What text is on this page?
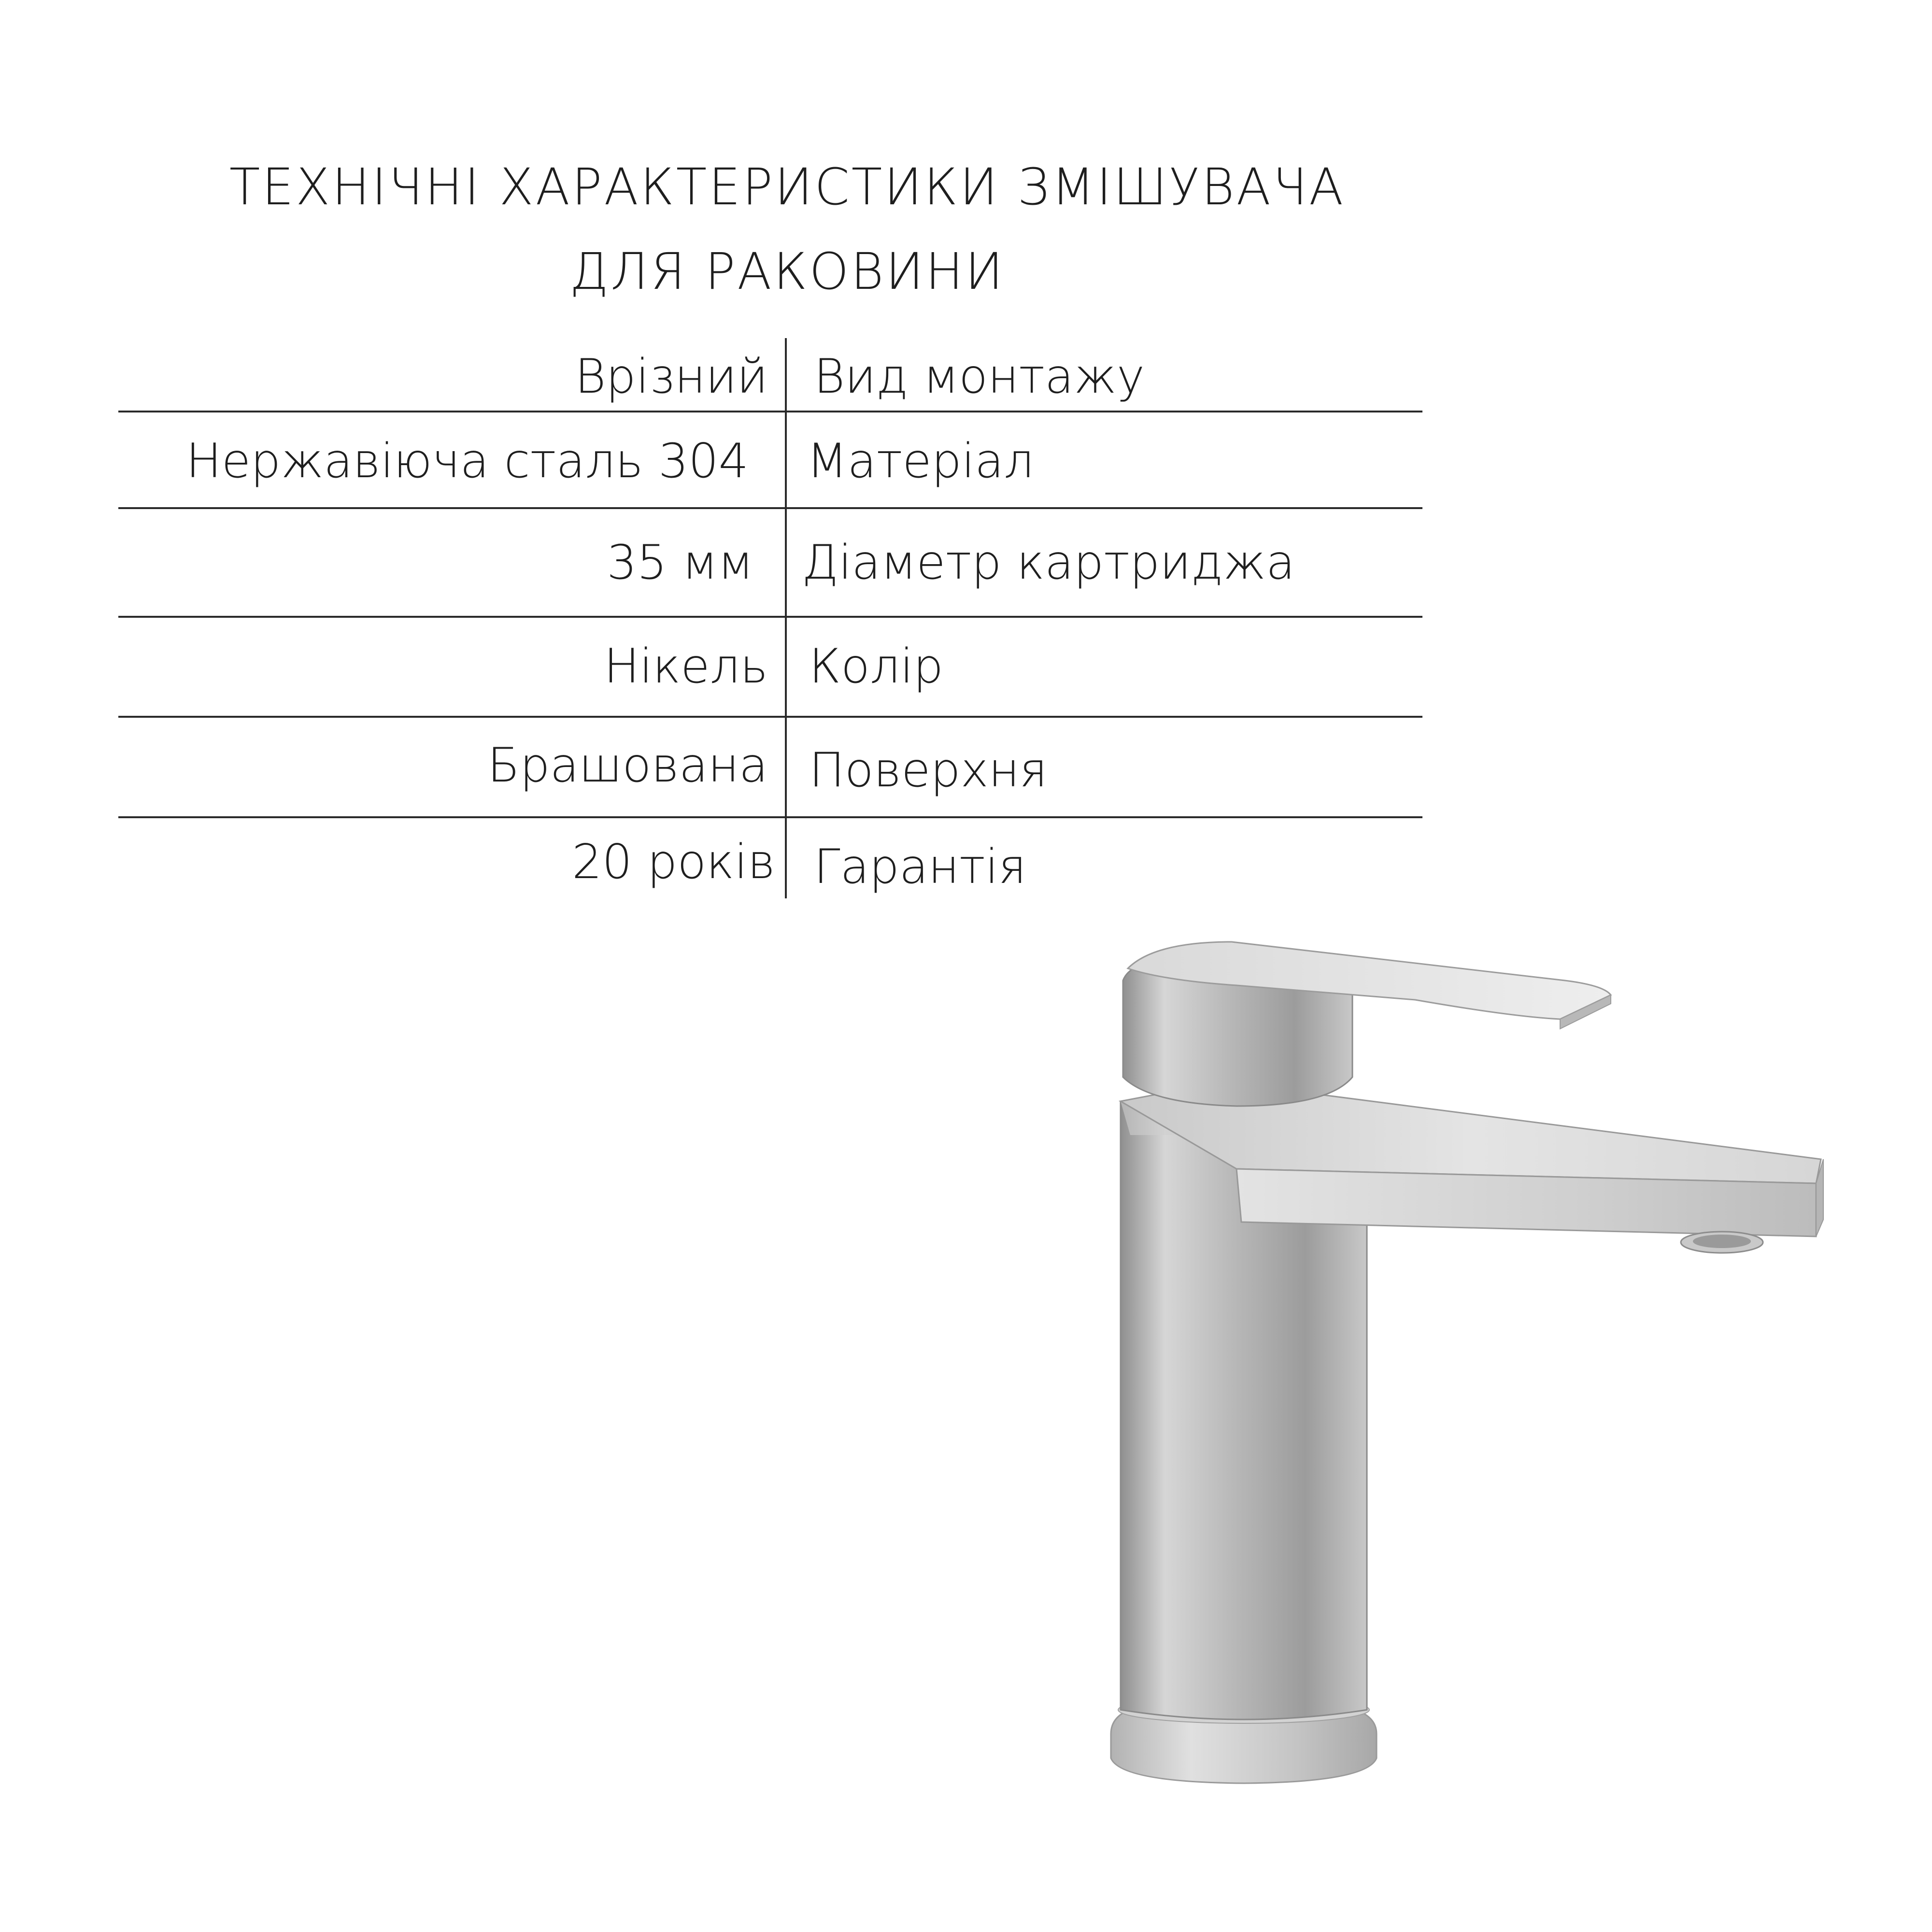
ТЕХНІЧНІ ХАРАКТЕРИСТИКИ ЗМІШУВАЧА
ДЛЯ РАКОВИНИ
Врізний Вид монтажу
Нержавіюча сталь 304 Матеріал
35 мм Діаметр картриджа
Нікель Колір
Брашована Поверхня
20 років Гарантія
